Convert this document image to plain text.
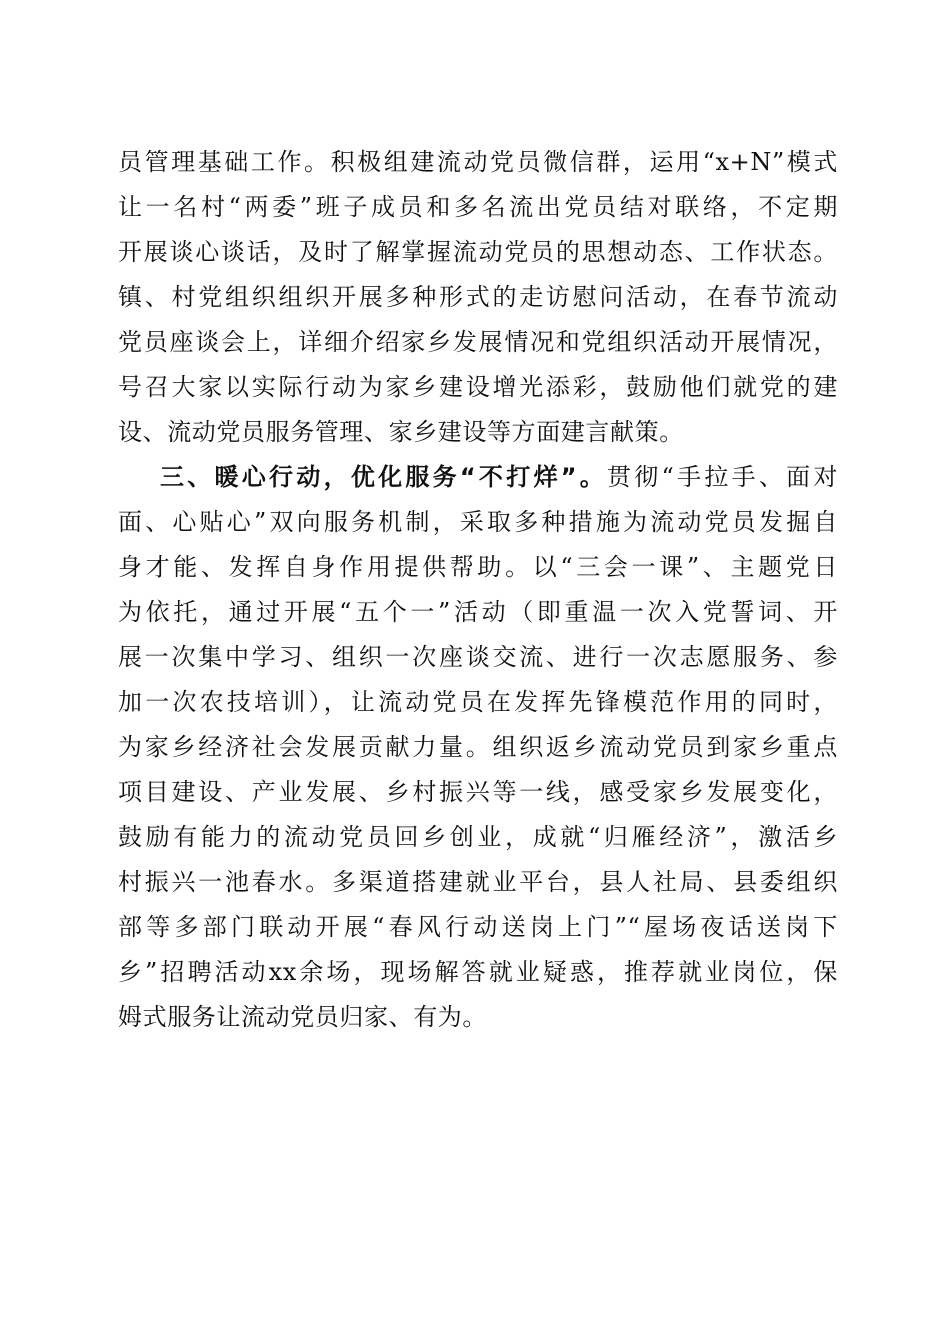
员管理基础工作。积极组建流动党员微信群，运用“x+N”模式
让一名村“两委”班子成员和多名流出党员结对联络，不定期
开展谈心谈话，及时了解掌握流动党员的思想动态、工作状态。
镇、村党组织组织开展多种形式的走访慰问活动，在春节流动
党员座谈会上，详细介绍家乡发展情况和党组织活动开展情况，
号召大家以实际行动为家乡建设增光添彩，鼓励他们就党的建
设、流动党员服务管理、家乡建设等方面建言献策。
三、暖心行动，优化服务“不打烊”。贯彻“手拉手、面对
面、心贴心”双向服务机制，采取多种措施为流动党员发掘自
身才能、发挥自身作用提供帮助。以“三会一课”、主题党日
为依托，通过开展“五个一”活动（即重温一次入党誓词、开
展一次集中学习、组织一次座谈交流、进行一次志愿服务、参
加一次农技培训），让流动党员在发挥先锋模范作用的同时，
为家乡经济社会发展贡献力量。组织返乡流动党员到家乡重点
项目建设、产业发展、乡村振兴等一线，感受家乡发展变化，
鼓励有能力的流动党员回乡创业，成就“归雁经济”，激活乡
村振兴一池春水。多渠道搭建就业平台，县人社局、县委组织
部等多部门联动开展“春风行动送岗上门”“屋场夜话送岗下
乡”招聘活动xx余场，现场解答就业疑惑，推荐就业岗位，保
姆式服务让流动党员归家、有为。
